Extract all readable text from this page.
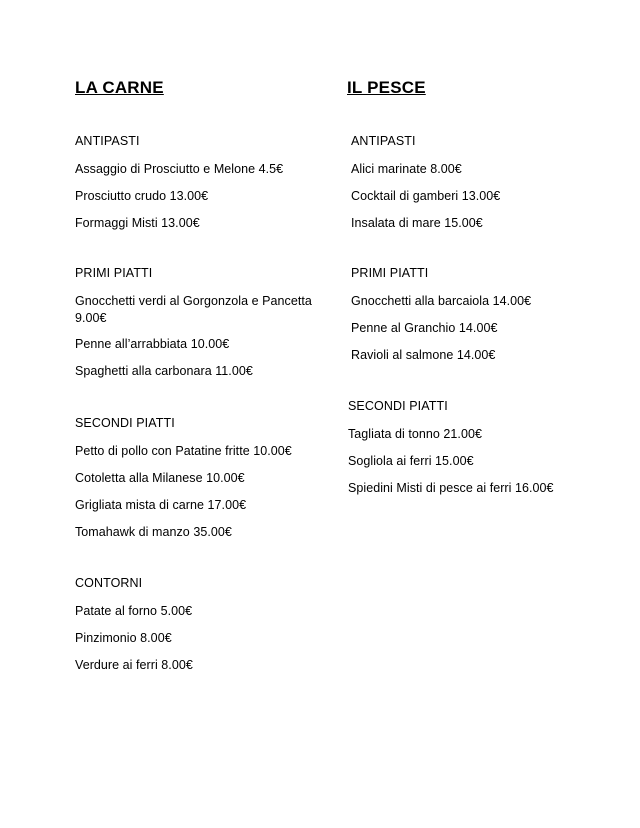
LA CARNE
ANTIPASTI
Assaggio di Prosciutto e Melone 4.5€
Prosciutto crudo 13.00€
Formaggi Misti 13.00€
PRIMI PIATTI
Gnocchetti verdi al Gorgonzola e Pancetta 9.00€
Penne all’arrabbiata 10.00€
Spaghetti alla carbonara 11.00€
SECONDI PIATTI
Petto di pollo con Patatine fritte 10.00€
Cotoletta alla Milanese 10.00€
Grigliata mista di carne 17.00€
Tomahawk di manzo 35.00€
CONTORNI
Patate al forno 5.00€
Pinzimonio 8.00€
Verdure ai ferri 8.00€
IL PESCE
ANTIPASTI
Alici marinate 8.00€
Cocktail di gamberi 13.00€
Insalata di mare 15.00€
PRIMI PIATTI
Gnocchetti alla barcaiola 14.00€
Penne al Granchio 14.00€
Ravioli al salmone 14.00€
SECONDI PIATTI
Tagliata di tonno 21.00€
Sogliola ai ferri 15.00€
Spiedini Misti di pesce ai ferri 16.00€
